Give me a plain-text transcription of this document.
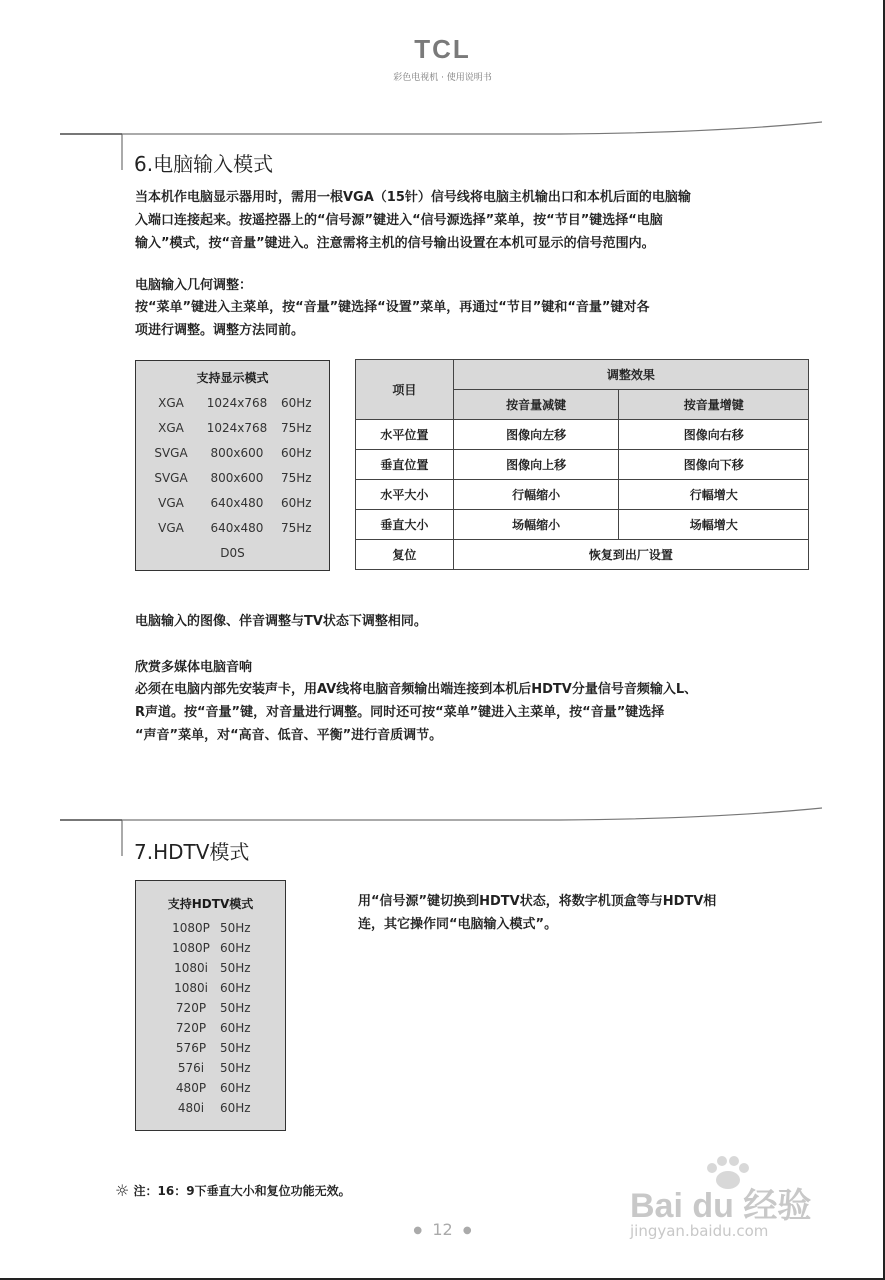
TCL
彩色电视机 · 使用说明书
6.电脑输入模式
当本机作电脑显示器用时，需用一根VGA（15针）信号线将电脑主机输出口和本机后面的电脑输
入端口连接起来。按遥控器上的“信号源”键进入“信号源选择”菜单，按“节目”键选择“电脑
输入”模式，按“音量”键进入。注意需将主机的信号输出设置在本机可显示的信号范围内。
电脑输入几何调整：
按“菜单”键进入主菜单，按“音量”键选择“设置”菜单，再通过“节目”键和“音量”键对各
项进行调整。调整方法同前。
支持显示模式
XGA	1024x768	60Hz
XGA	1024x768	75Hz
SVGA	800x600	60Hz
SVGA	800x600	75Hz
VGA	640x480	60Hz
VGA	640x480	75Hz
D0S
项目	调整效果	
	按音量减键	按音量增键
水平位置	图像向左移	图像向右移
垂直位置	图像向上移	图像向下移
水平大小	行幅缩小	行幅增大
垂直大小	场幅缩小	场幅增大
复位	恢复到出厂设置	
电脑输入的图像、伴音调整与TV状态下调整相同。
欣赏多媒体电脑音响
必须在电脑内部先安装声卡，用AV线将电脑音频输出端连接到本机后HDTV分量信号音频输入L、
R声道。按“音量”键，对音量进行调整。同时还可按“菜单”键进入主菜单，按“音量”键选择
“声音”菜单，对“高音、低音、平衡”进行音质调节。
7.HDTV模式
支持HDTV模式
1080P 50Hz
1080P 60Hz
1080i	50Hz
1080i	60Hz
720P	50Hz
720P	60Hz
576P	50Hz
576i	50Hz
480P	60Hz
480i	60Hz
用“信号源”键切换到HDTV状态，将数字机顶盒等与HDTV相
连，其它操作同“电脑输入模式”。
☼ 注：16：9下垂直大小和复位功能无效。
● 12 ●
Bai du 经验
jingyan.baidu.com
